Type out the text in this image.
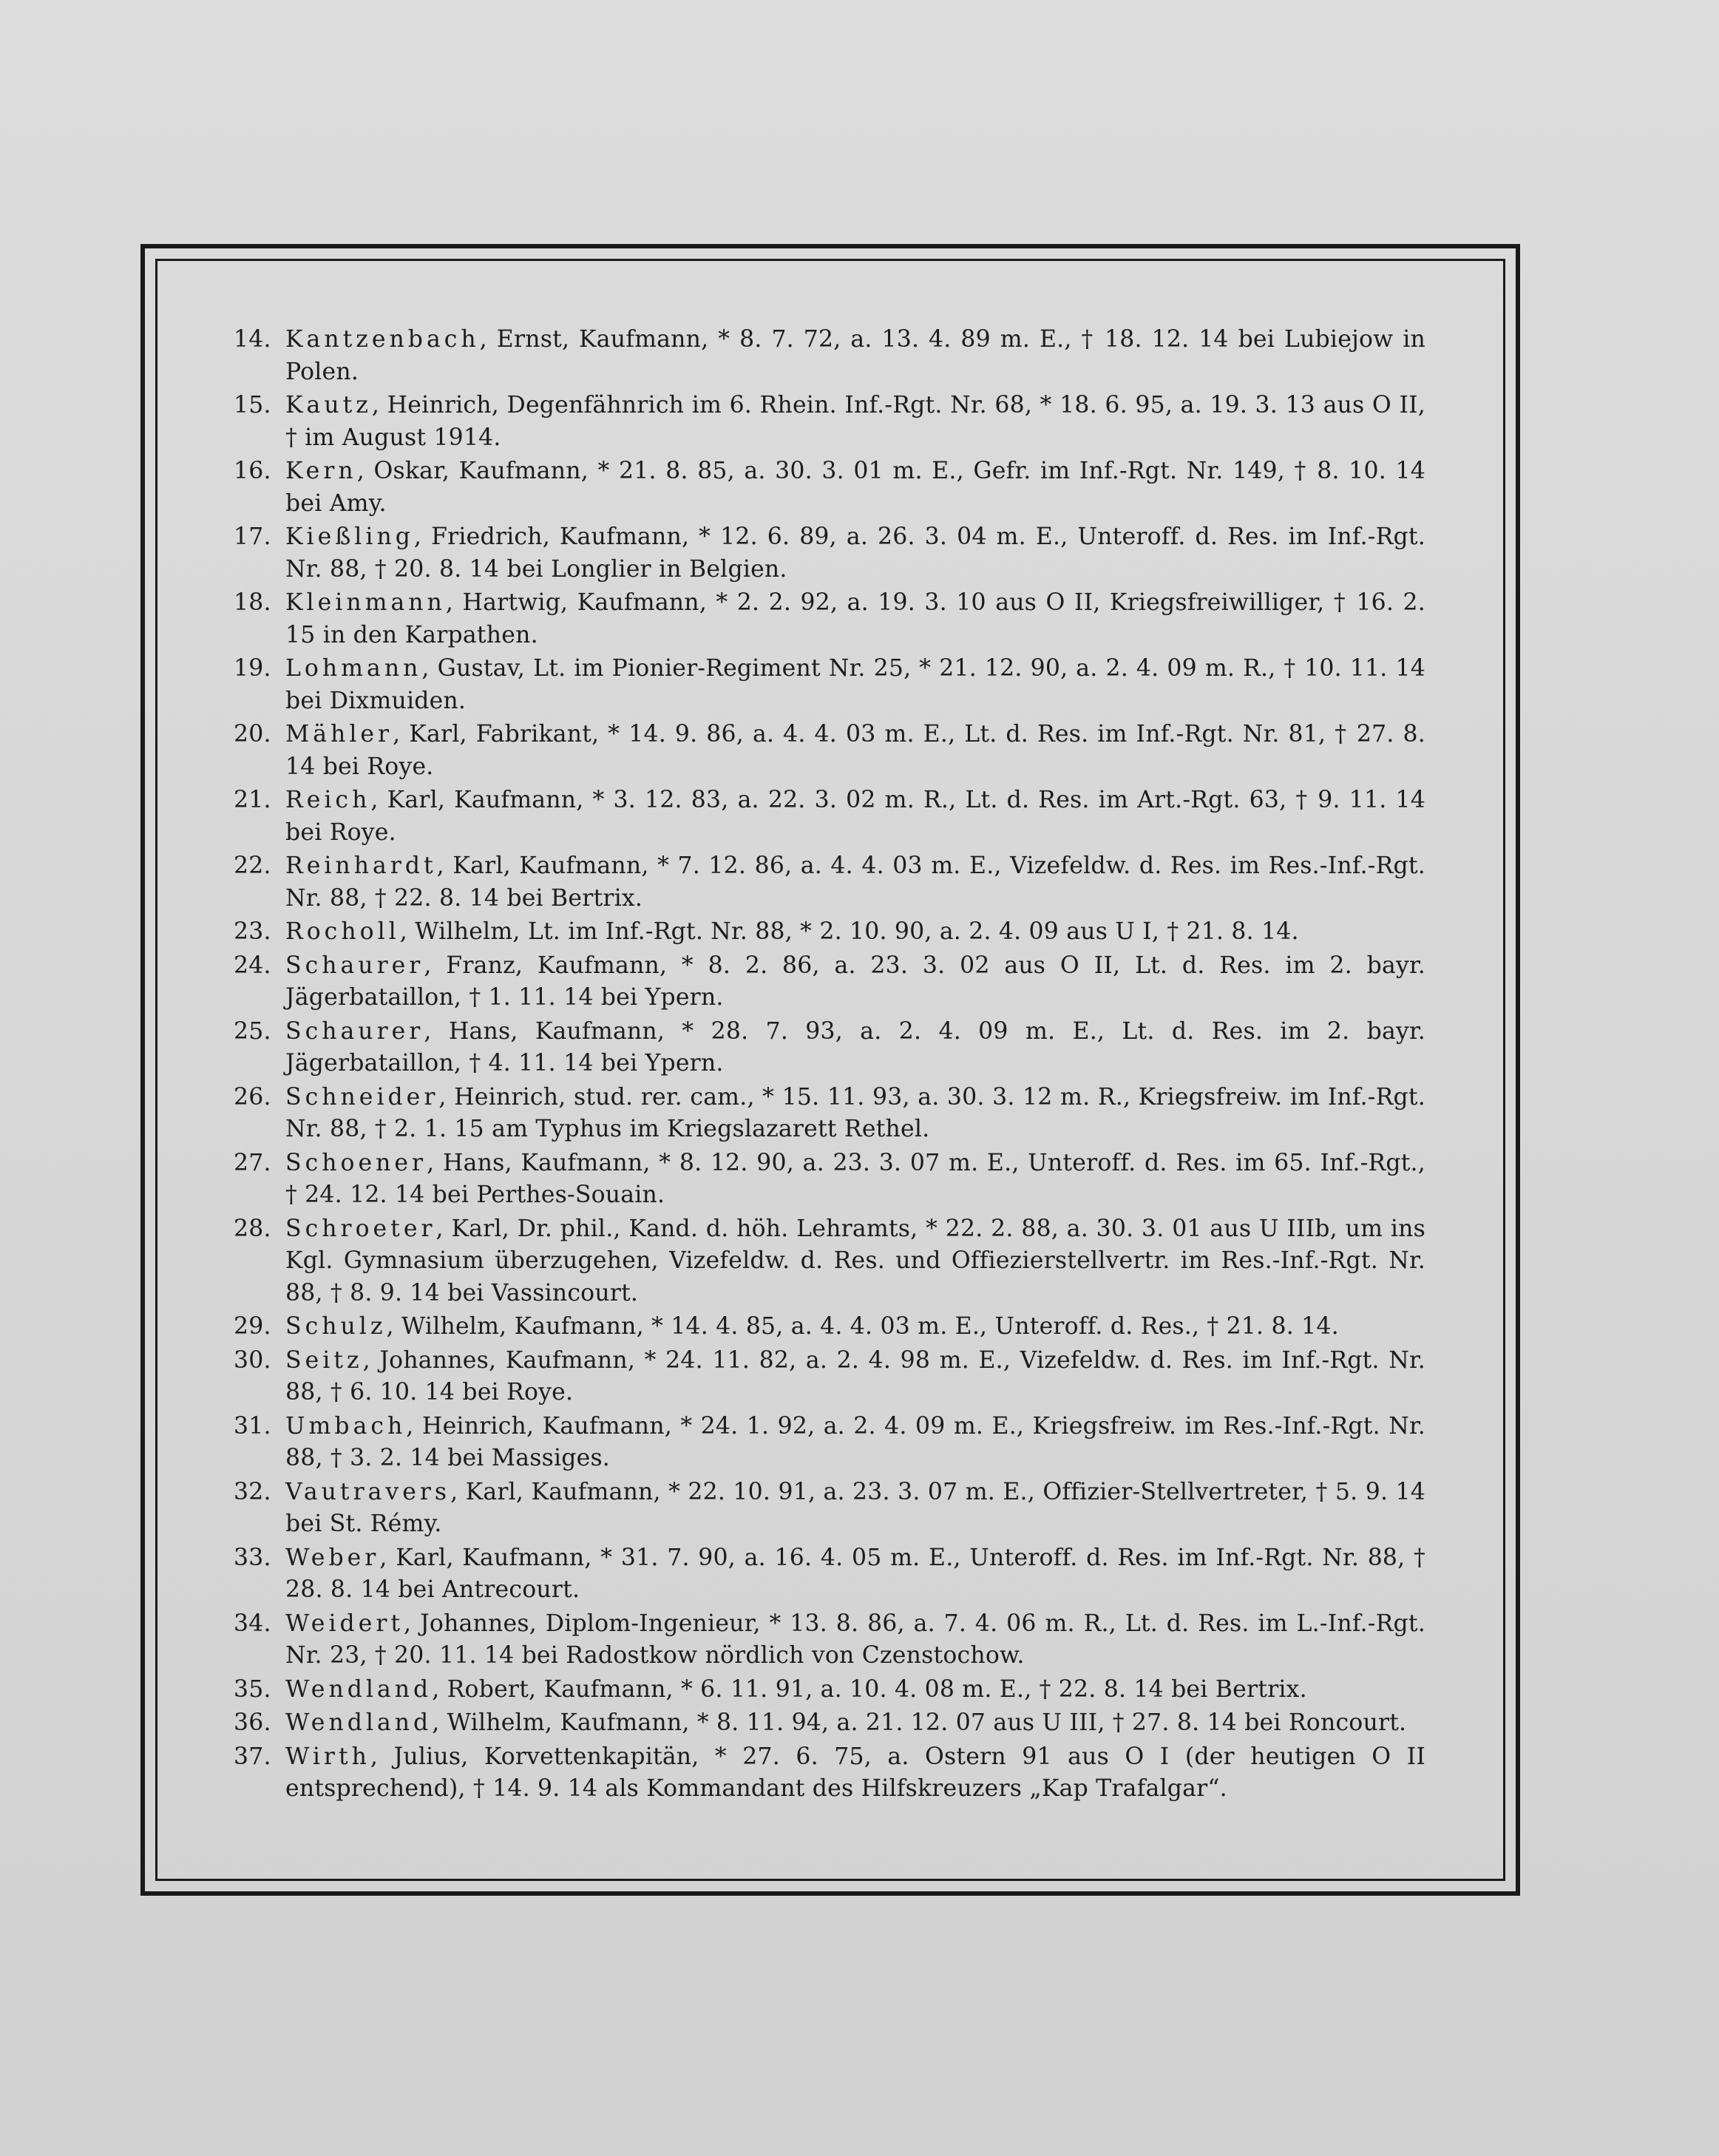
14. Kantzenbach, Ernst, Kaufmann, * 8. 7. 72, a. 13. 4. 89 m. E., † 18. 12. 14 bei Lubiejow in Polen.
15. Kautz, Heinrich, Degenfähnrich im 6. Rhein. Inf.-Rgt. Nr. 68, * 18. 6. 95, a. 19. 3. 13 aus O II, † im August 1914.
16. Kern, Oskar, Kaufmann, * 21. 8. 85, a. 30. 3. 01 m. E., Gefr. im Inf.-Rgt. Nr. 149, † 8. 10. 14 bei Amy.
17. Kießling, Friedrich, Kaufmann, * 12. 6. 89, a. 26. 3. 04 m. E., Unteroff. d. Res. im Inf.-Rgt. Nr. 88, † 20. 8. 14 bei Longlier in Belgien.
18. Kleinmann, Hartwig, Kaufmann, * 2. 2. 92, a. 19. 3. 10 aus O II, Kriegsfreiwilliger, † 16. 2. 15 in den Karpathen.
19. Lohmann, Gustav, Lt. im Pionier-Regiment Nr. 25, * 21. 12. 90, a. 2. 4. 09 m. R., † 10. 11. 14 bei Dixmuiden.
20. Mähler, Karl, Fabrikant, * 14. 9. 86, a. 4. 4. 03 m. E., Lt. d. Res. im Inf.-Rgt. Nr. 81, † 27. 8. 14 bei Roye.
21. Reich, Karl, Kaufmann, * 3. 12. 83, a. 22. 3. 02 m. R., Lt. d. Res. im Art.-Rgt. 63, † 9. 11. 14 bei Roye.
22. Reinhardt, Karl, Kaufmann, * 7. 12. 86, a. 4. 4. 03 m. E., Vizefeldw. d. Res. im Res.-Inf.-Rgt. Nr. 88, † 22. 8. 14 bei Bertrix.
23. Rocholl, Wilhelm, Lt. im Inf.-Rgt. Nr. 88, * 2. 10. 90, a. 2. 4. 09 aus U I, † 21. 8. 14.
24. Schaurer, Franz, Kaufmann, * 8. 2. 86, a. 23. 3. 02 aus O II, Lt. d. Res. im 2. bayr. Jägerbataillon, † 1. 11. 14 bei Ypern.
25. Schaurer, Hans, Kaufmann, * 28. 7. 93, a. 2. 4. 09 m. E., Lt. d. Res. im 2. bayr. Jägerbataillon, † 4. 11. 14 bei Ypern.
26. Schneider, Heinrich, stud. rer. cam., * 15. 11. 93, a. 30. 3. 12 m. R., Kriegsfreiw. im Inf.-Rgt. Nr. 88, † 2. 1. 15 am Typhus im Kriegslazarett Rethel.
27. Schoener, Hans, Kaufmann, * 8. 12. 90, a. 23. 3. 07 m. E., Unteroff. d. Res. im 65. Inf.-Rgt., † 24. 12. 14 bei Perthes-Souain.
28. Schroeter, Karl, Dr. phil., Kand. d. höh. Lehramts, * 22. 2. 88, a. 30. 3. 01 aus U IIIb, um ins Kgl. Gymnasium überzugehen, Vizefeldw. d. Res. und Offiezierstellvertr. im Res.-Inf.-Rgt. Nr. 88, † 8. 9. 14 bei Vassincourt.
29. Schulz, Wilhelm, Kaufmann, * 14. 4. 85, a. 4. 4. 03 m. E., Unteroff. d. Res., † 21. 8. 14.
30. Seitz, Johannes, Kaufmann, * 24. 11. 82, a. 2. 4. 98 m. E., Vizefeldw. d. Res. im Inf.-Rgt. Nr. 88, † 6. 10. 14 bei Roye.
31. Umbach, Heinrich, Kaufmann, * 24. 1. 92, a. 2. 4. 09 m. E., Kriegsfreiw. im Res.-Inf.-Rgt. Nr. 88, † 3. 2. 14 bei Massiges.
32. Vautravers, Karl, Kaufmann, * 22. 10. 91, a. 23. 3. 07 m. E., Offizier-Stellvertreter, † 5. 9. 14 bei St. Rémy.
33. Weber, Karl, Kaufmann, * 31. 7. 90, a. 16. 4. 05 m. E., Unteroff. d. Res. im Inf.-Rgt. Nr. 88, † 28. 8. 14 bei Antrecourt.
34. Weidert, Johannes, Diplom-Ingenieur, * 13. 8. 86, a. 7. 4. 06 m. R., Lt. d. Res. im L.-Inf.-Rgt. Nr. 23, † 20. 11. 14 bei Radostkow nördlich von Czenstochow.
35. Wendland, Robert, Kaufmann, * 6. 11. 91, a. 10. 4. 08 m. E., † 22. 8. 14 bei Bertrix.
36. Wendland, Wilhelm, Kaufmann, * 8. 11. 94, a. 21. 12. 07 aus U III, † 27. 8. 14 bei Roncourt.
37. Wirth, Julius, Korvettenkapitän, * 27. 6. 75, a. Ostern 91 aus O I (der heutigen O II entsprechend), † 14. 9. 14 als Kommandant des Hilfskreuzers „Kap Trafalgar“.
